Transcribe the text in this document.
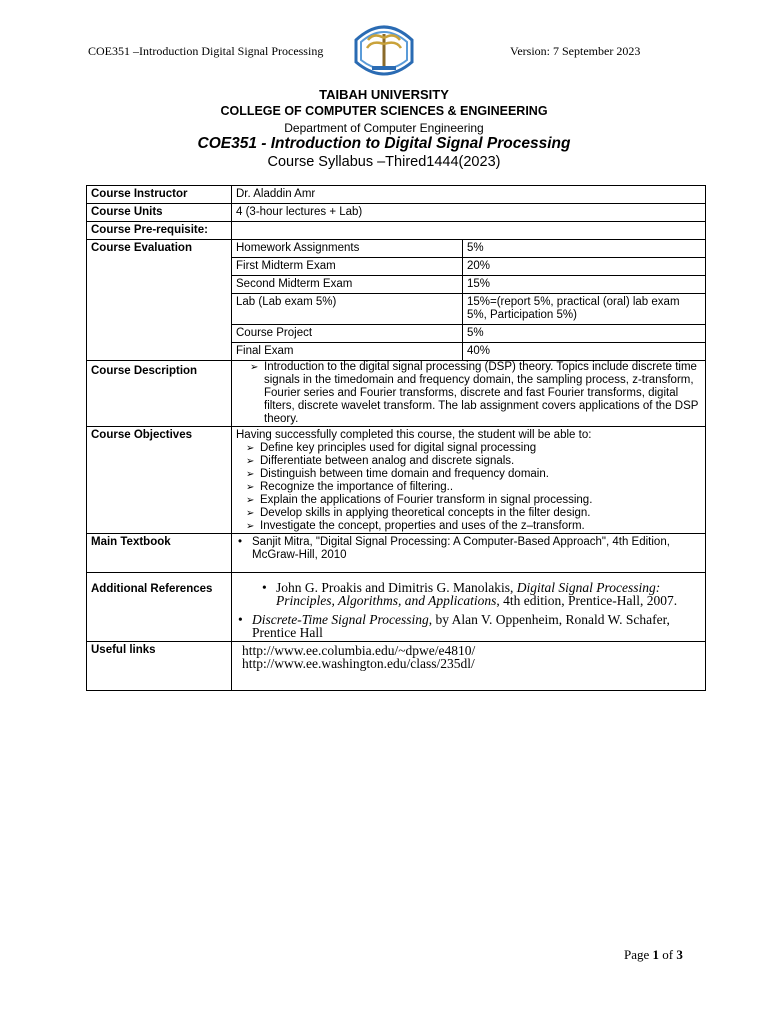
COE351 –Introduction Digital Signal Processing	Version: 7 September 2023
TAIBAH UNIVERSITY
COLLEGE OF COMPUTER SCIENCES & ENGINEERING
Department of Computer Engineering
COE351 - Introduction to Digital Signal Processing
Course Syllabus –Thired1444(2023)
Course Instructor	Dr. Aladdin Amr
Course Units	4 (3-hour lectures + Lab)
Course Pre-requisite:	
Course Evaluation		Homework Assignments	5%
First Midterm Exam	20%
Second Midterm Exam	15%
Lab (Lab exam 5%)	15%=(report 5%, practical (oral) lab exam 5%, Participation 5%)
Course Project	5%
Final Exam	40%

Course Description	
➢Introduction to the digital signal processing (DSP) theory. Topics include discrete time signals in the timedomain and frequency domain, the sampling process, z-transform, Fourier series and Fourier transforms, discrete and fast Fourier transforms, digital filters, discrete wavelet transform. The lab assignment covers applications of the DSP theory.

Course Objectives	Having successfully completed this course, the student will be able to:
➢ Define key principles used for digital signal processing
➢ Differentiate between analog and discrete signals.
➢ Distinguish between time domain and frequency domain.
➢ Recognize the importance of filtering..
➢ Explain the applications of Fourier transform in signal processing.
➢ Develop skills in applying theoretical concepts in the filter design.
➢ Investigate the concept, properties and uses of the z–transform.

Main Textbook	
•Sanjit Mitra, "Digital Signal Processing: A Computer-Based Approach", 4th Edition, McGraw-Hill, 2010

Additional References	
•John G. Proakis and Dimitris G. Manolakis, Digital Signal Processing: Principles, Algorithms, and Applications, 4th edition, Prentice-Hall, 2007.
• Discrete-Time Signal Processing, by Alan V. Oppenheim, Ronald W. Schafer, Prentice Hall

Useful links	http://www.ee.columbia.edu/~dpwe/e4810/
http://www.ee.washington.edu/class/235dl/
Page 1 of 3
